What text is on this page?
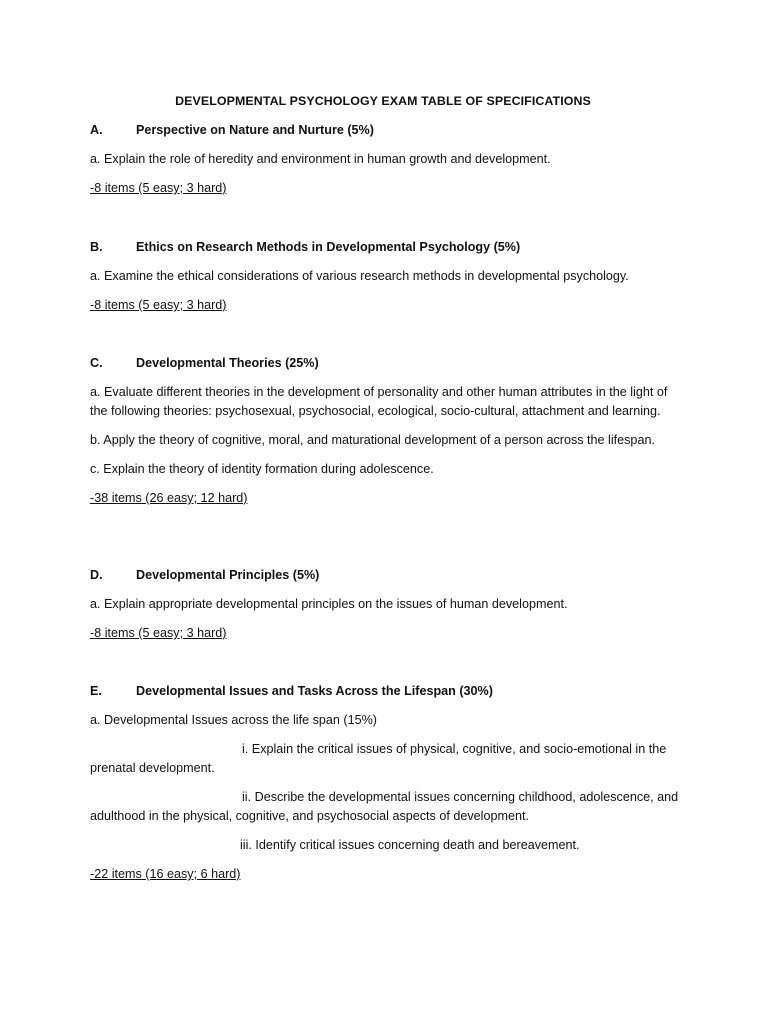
DEVELOPMENTAL PSYCHOLOGY EXAM TABLE OF SPECIFICATIONS
A.	Perspective on Nature and Nurture (5%)
a. Explain the role of heredity and environment in human growth and development.
-8 items (5 easy; 3 hard)
B.	Ethics on Research Methods in Developmental Psychology (5%)
a. Examine the ethical considerations of various research methods in developmental psychology.
-8 items (5 easy; 3 hard)
C.	Developmental Theories (25%)
a. Evaluate different theories in the development of personality and other human attributes in the light of the following theories: psychosexual, psychosocial, ecological, socio-cultural, attachment and learning.
b. Apply the theory of cognitive, moral, and maturational development of a person across the lifespan.
c. Explain the theory of identity formation during adolescence.
-38 items (26 easy; 12 hard)
D.	Developmental Principles (5%)
a. Explain appropriate developmental principles on the issues of human development.
-8 items (5 easy; 3 hard)
E.	Developmental Issues and Tasks Across the Lifespan (30%)
a. Developmental Issues across the life span (15%)
i. Explain the critical issues of physical, cognitive, and socio-emotional in the prenatal development.
ii. Describe the developmental issues concerning childhood, adolescence, and adulthood in the physical, cognitive, and psychosocial aspects of development.
iii. Identify critical issues concerning death and bereavement.
-22 items (16 easy; 6 hard)
